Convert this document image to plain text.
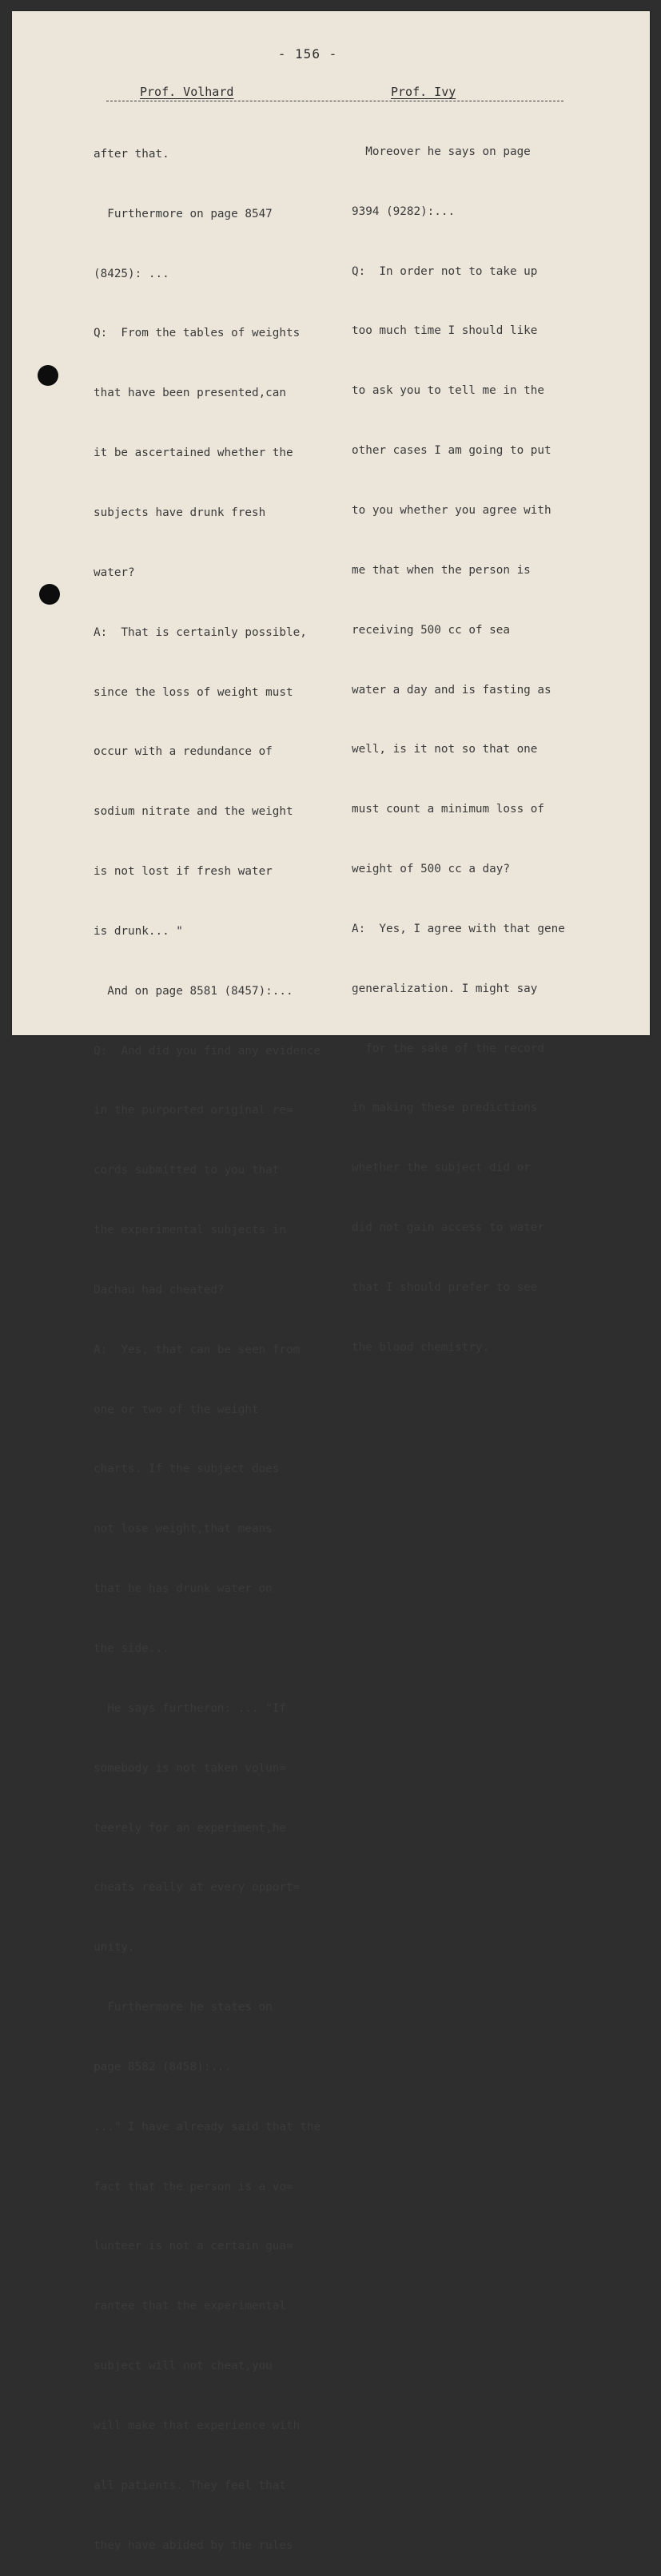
- 156 -
Prof. Volhard	Prof. Ivy

after that.

Furthermore on page 8547

(8425): ...

Q:  From the tables of weights

that have been presented,can

it be ascertained whether the

subjects have drunk fresh

water?

A:  That is certainly possible,

since the loss of weight must

occur with a redundance of

sodium nitrate and the weight

is not lost if fresh water

is drunk... "

And on page 8581 (8457):...

Q:  And did you find any evidence

in the purported original re=

cords submitted to you that

the experimental subjects in

Dachau had cheated?

A:  Yes, that can be seen from

one or two of the weight

charts. If the subject does

not lose weight,that means

that he has drunk water on

the side...

He says furtheron: ... "If

somebody is not taken volun=

teerely for an experiment,he

cheats really at every opport=

unity.

Furthermore he states on

page 8582 (8458):...

..." I have already said that the

fact that the person is a vo=

lunteer is not a certain gua=

rantee that the experimental

subject will not cheat,you

will make that experience with

all patients. They feel that

they have abided by the rules

Moreover he says on page

9394 (9282):...

Q:  In order not to take up

too much time I should like

to ask you to tell me in the

other cases I am going to put

to you whether you agree with

me that when the person is

receiving 500 cc of sea

water a day and is fasting as

well, is it not so that one

must count a minimum loss of

weight of 500 cc a day?

A:  Yes, I agree with that gene

generalization. I might say

for the sake of the record

in making these predictions

whether the subject did or

did not gain access to water

that I should prefer to see

the blood chemistry.
